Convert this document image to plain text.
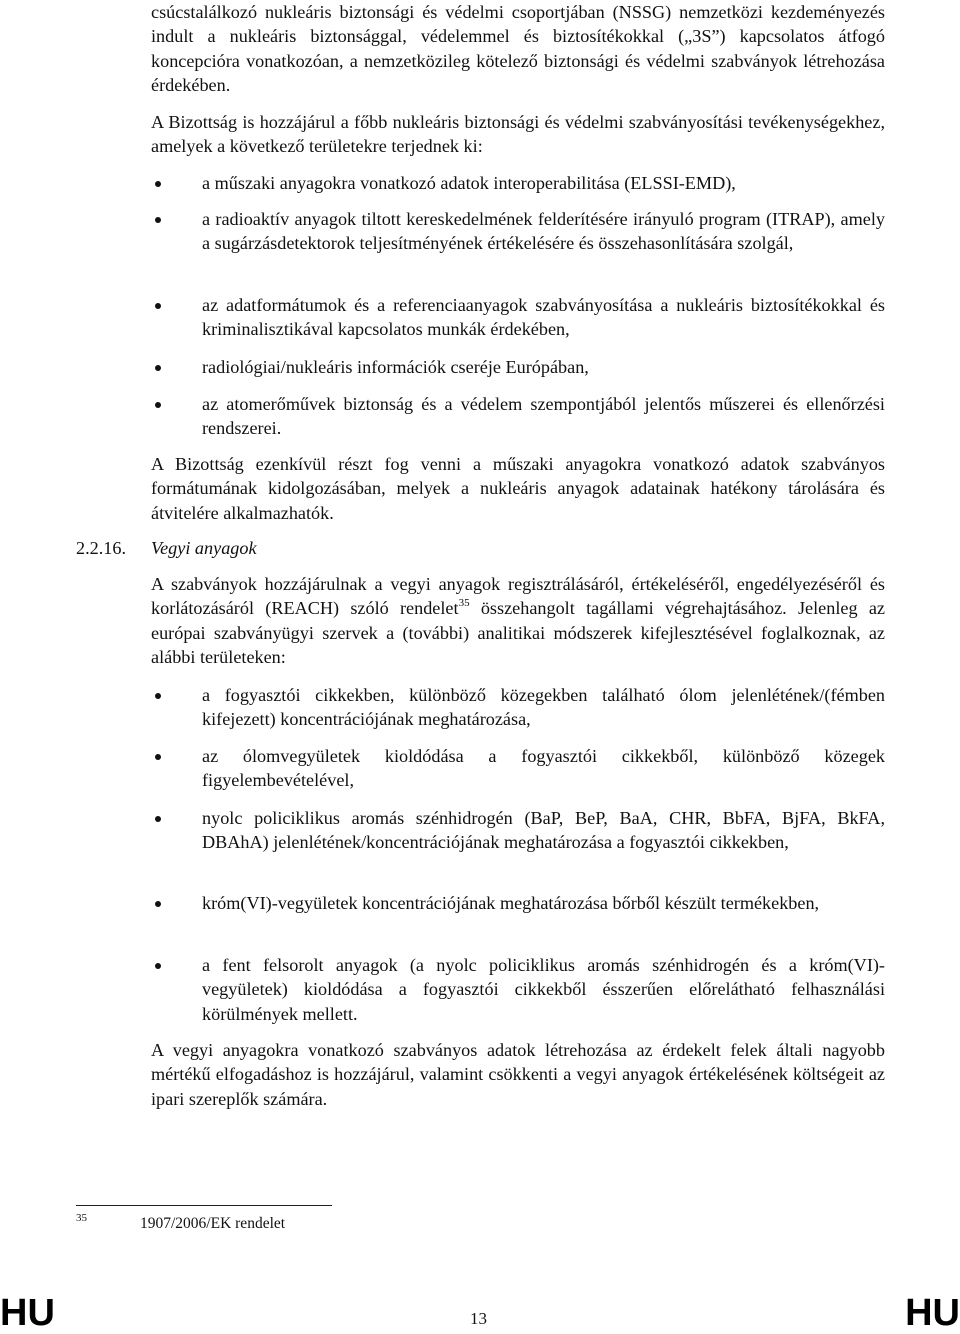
csúcstalálkozó nukleáris biztonsági és védelmi csoportjában (NSSG) nemzetközi kezdeményezés indult a nukleáris biztonsággal, védelemmel és biztosítékokkal („3S”) kapcsolatos átfogó koncepcióra vonatkozóan, a nemzetközileg kötelező biztonsági és védelmi szabványok létrehozása érdekében.

A Bizottság is hozzájárul a főbb nukleáris biztonsági és védelmi szabványosítási tevékenységekhez, amelyek a következő területekre terjednek ki:

a műszaki anyagokra vonatkozó adatok interoperabilitása (ELSSI-EMD),
a radioaktív anyagok tiltott kereskedelmének felderítésére irányuló program (ITRAP), amely a sugárzásdetektorok teljesítményének értékelésére és összehasonlítására szolgál,
az adatformátumok és a referenciaanyagok szabványosítása a nukleáris biztosítékokkal és kriminalisztikával kapcsolatos munkák érdekében,
radiológiai/nukleáris információk cseréje Európában,
az atomerőművek biztonság és a védelem szempontjából jelentős műszerei és ellenőrzési rendszerei.

A Bizottság ezenkívül részt fog venni a műszaki anyagokra vonatkozó adatok szabványos formátumának kidolgozásában, melyek a nukleáris anyagok adatainak hatékony tárolására és átvitelére alkalmazhatók.

2.2.16. Vegyi anyagok

A szabványok hozzájárulnak a vegyi anyagok regisztrálásáról, értékeléséről, engedélyezéséről és korlátozásáról (REACH) szóló rendelet$^{35}$ összehangolt tagállami végrehajtásához. Jelenleg az európai szabványügyi szervek a (további) analitikai módszerek kifejlesztésével foglalkoznak, az alábbi területeken:

a fogyasztói cikkekben, különböző közegekben található ólom jelenlétének/(fémben kifejezett) koncentrációjának meghatározása,
az ólomvegyületek kioldódása a fogyasztói cikkekből, különböző közegek figyelembevételével,
nyolc policiklikus aromás szénhidrogén (BaP, BeP, BaA, CHR, BbFA, BjFA, BkFA, DBAhA) jelenlétének/koncentrációjának meghatározása a fogyasztói cikkekben,
króm(VI)-vegyületek koncentrációjának meghatározása bőrből készült termékekben,
a fent felsorolt anyagok (a nyolc policiklikus aromás szénhidrogén és a króm(VI)-vegyületek) kioldódása a fogyasztói cikkekből ésszerűen előrelátható felhasználási körülmények mellett.

A vegyi anyagokra vonatkozó szabványos adatok létrehozása az érdekelt felek általi nagyobb mértékű elfogadáshoz is hozzájárul, valamint csökkenti a vegyi anyagok értékelésének költségeit az ipari szereplők számára.

35	1907/2006/EK rendelet
HU	13	HU
